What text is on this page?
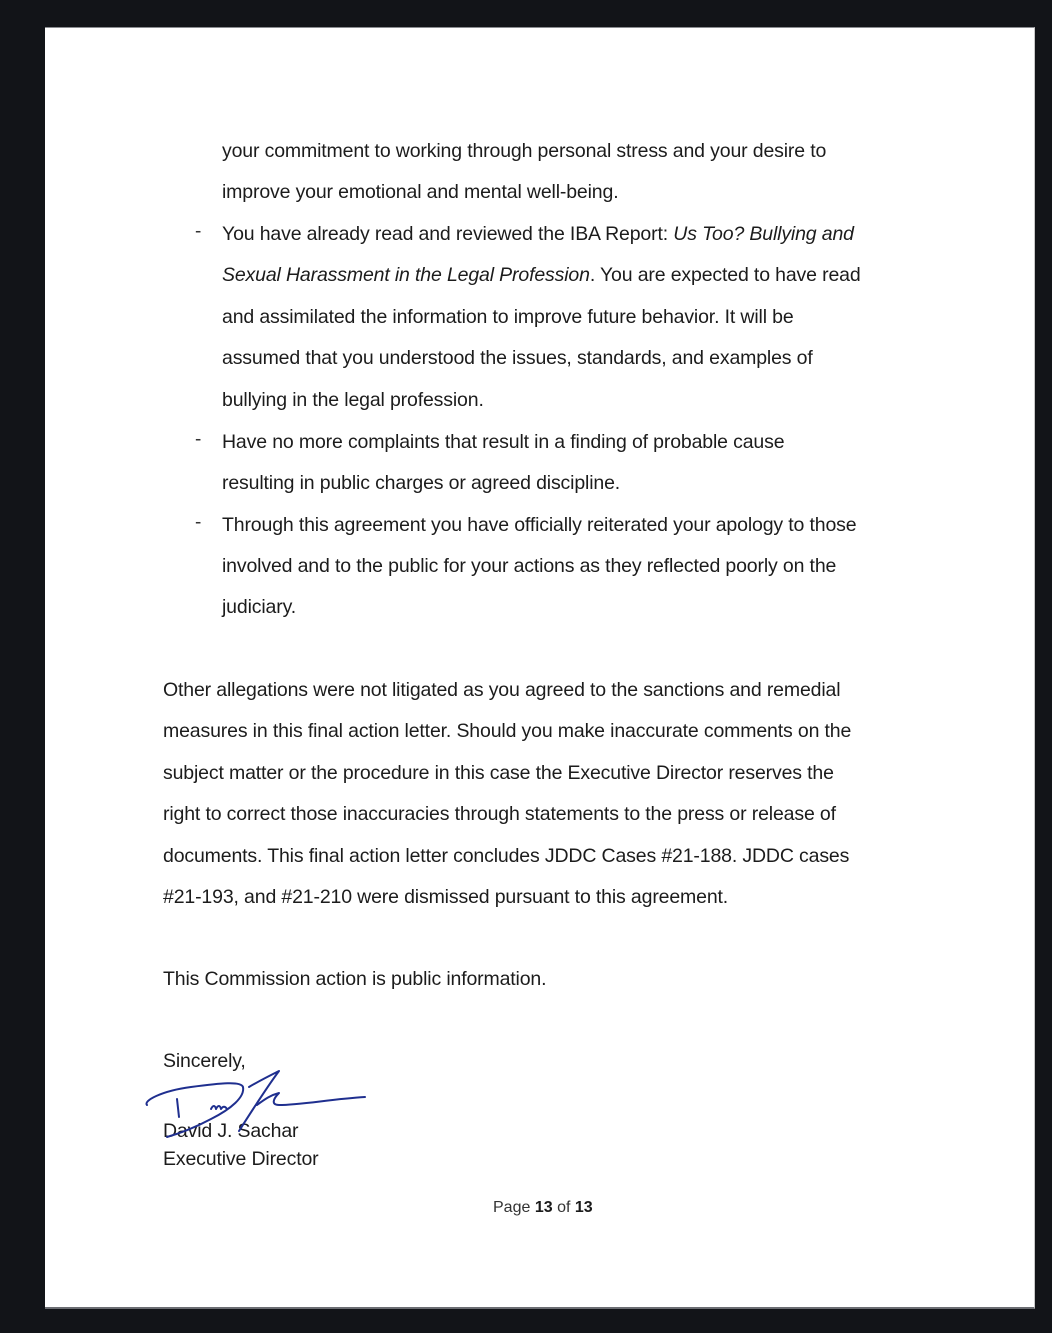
your commitment to working through personal stress and your desire to
improve your emotional and mental well-being.
- You have already read and reviewed the IBA Report: Us Too? Bullying and
Sexual Harassment in the Legal Profession. You are expected to have read
and assimilated the information to improve future behavior. It will be
assumed that you understood the issues, standards, and examples of
bullying in the legal profession.
- Have no more complaints that result in a finding of probable cause
resulting in public charges or agreed discipline.
- Through this agreement you have officially reiterated your apology to those
involved and to the public for your actions as they reflected poorly on the
judiciary.
Other allegations were not litigated as you agreed to the sanctions and remedial
measures in this final action letter. Should you make inaccurate comments on the
subject matter or the procedure in this case the Executive Director reserves the
right to correct those inaccuracies through statements to the press or release of
documents. This final action letter concludes JDDC Cases #21-188. JDDC cases
#21-193, and #21-210 were dismissed pursuant to this agreement.
This Commission action is public information.
Sincerely,
David J. Sachar
Executive Director
Page 13 of 13
